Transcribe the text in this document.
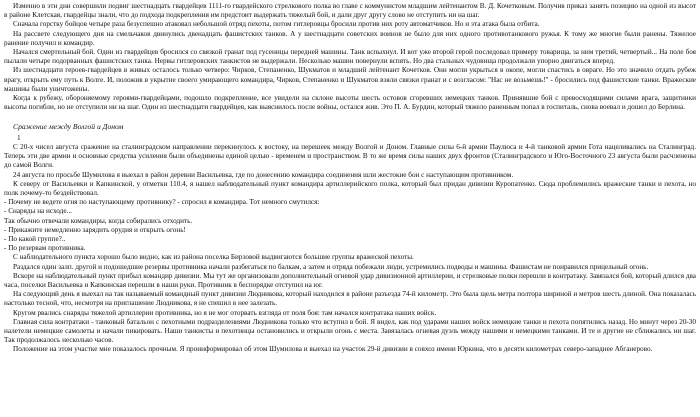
Изменно в эти дни совершили подвиг шестнадцать гвардейцев 1111-го гвардейского стрелкового полка во главе с коммунистом младшим лейтенантом В. Д. Кочетковым. Получив приказ занять позицию на одной из высот в районе Клетская, гвардейцы знали, что до подхода подкрепления им предстоит выдержать тяжелый бой, и дали друг другу слово не отступить ни на шаг.

Сначала горстку бойцов четыре раза безуспешно атаковал небольшой отряд пехоты, потом гитлеровцы бросили против них роту автоматчиков. Но и эта атака была отбита.

На рассвете следующего дня на смельчаков двинулись двенадцать фашистских танков. А у шестнадцати советских воинов не было для них одного противотанкового ружья. К тому же многие были ранены. Тяжелое ранение получил и командир.

Начался смертельный бой. Один из гвардейцев бросился со связкой гранат под гусеницы передней машины. Танк вспыхнул. И вот уже второй герой последовал примеру товарища, за ним третий, четвертый... На поле боя пылали четыре подорванных фашистских танка. Нервы гитлеровских танкистов не выдержали. Несколько машин повернули вспять. Но два стальных чудовища продолжали упорно двигаться вперед.

Из шестнадцати героев-гвардейцев в живых осталось только четверо: Чирков, Степаненко, Шукматов и младший лейтенант Кочетков. Они могли укрыться в окопе, могли спастись в овраге. Но это значило отдать рубеж врагу, открыть ему путь к Волге. И, положив в укрытие своего умирающего командира, Чирков, Степаненко и Шукматов взяли связки гранат и с возгласом: "Нас не возьмешь!" - бросились под фашистские танки. Вражеские машины были уничтожены.

Когда к рубежу, обороняемому героями-гвардейцами, подошло подкрепление, все увидели на склоне высоты шесть остовов сгоревших немецких танков. Принявшие бой с превосходящими силами врага, защитники высоты погибли, но не отступили ни на шаг. Один из шестнадцати гвардейцев, как выяснилось после войны, остался жив. Это П. А. Бурдин, который тяжело раненным попал в госпиталь, снова воевал и дошел до Берлина.

Сражение между Волгой и Доном
1

С 20-х чисел августа сражение на сталинградском направлении перекинулось к востоку, на перешеек между Волгой и Доном. Главные силы 6-й армии Паулюса и 4-й танковой армии Гота нацеливались на Сталинград. Теперь эти две армии и основные средства усиления были объединены единой целью - временем и пространством. В то же время силы наших двух фронтов (Сталинградского и Юго-Восточного 23 августа были расчленены до самой Волги.

24 августа по просьбе Шумилова я выехал в район деревни Васильевка, где по донесению командира соединения шли жестокие бои с наступающим противником.

К северу от Васильевки и Капкинской, у отметки 110.4, я нашел наблюдательный пункт командира артиллерийского полка, который был придан дивизии Куропатенко. Сюда проблемились вражеские танки и пехота, но полк почему-то бездействовал.

- Почему не ведете огня по наступающему противнику? - спросил я командира. Тот немного смутился:

- Снаряды на исходе...

Так обычно отвечали командиры, когда собирались отходить.

- Прикажите немедленно зарядить орудия и открыть огонь!

- По какой группе?..

- По резервам противника.

С наблюдательного пункта хорошо было видно, как из района поселка Бирзовой выдвигаются большие группы вражеской пехоты.

Раздался один залп. другой и подошедшие резервы противника начали разбегаться по балкам, а затем и отряда побежали люди, устремились подводы и машины. Фашистам не понравился прицельный огонь.

Вскоре на наблюдательный пункт прибыл командир дивизии. Мы тут же организовали дополнительный огневой удар дивизионной артиллерии, и стрелковые полки перешли в контратаку. Завязался бой, который длился два часа, поселки Васильевка и Капкинская перешли в наши руки. Противник в беспорядке отступил на юг.

На следующий день я выехал на так называемый командный пункт дивизии Людникова, который находился в районе разъезда 74-й километр. Это была щель метра полтора шириной и метров шесть длиной. Она показалась настолько тесной, что, несмотря на приглашение Людникова, я не спешил в нее залезать.

Кругом рвались снаряды тяжелой артиллерии противника, но я не мог оторвать взгляда от поля боя: там начался контратака наших войск.

Главная сила контратаки - танковый батальон с пехотными подразделениями Людникова только что вступил в бой. Я видел, как под ударами наших войск немецкие танки и пехота попятились назад. Но минут через 20-30 налетели немецкие самолеты и начали пикировать. Наши танкисты и пехотинцы остановились и открыли огонь с места. Завязалась огневая дуэль между нашими и немецкими танками. И те и другие не сближались ни шаг. Так продолжалось несколько часов.

Положение на этом участке мне показалось прочным. Я проинформировал об этом Шумилова и выехал на участок 29-й дивизии в совхоз имени Юркина, что в десяти километрах северо-западнее Абганерово.
